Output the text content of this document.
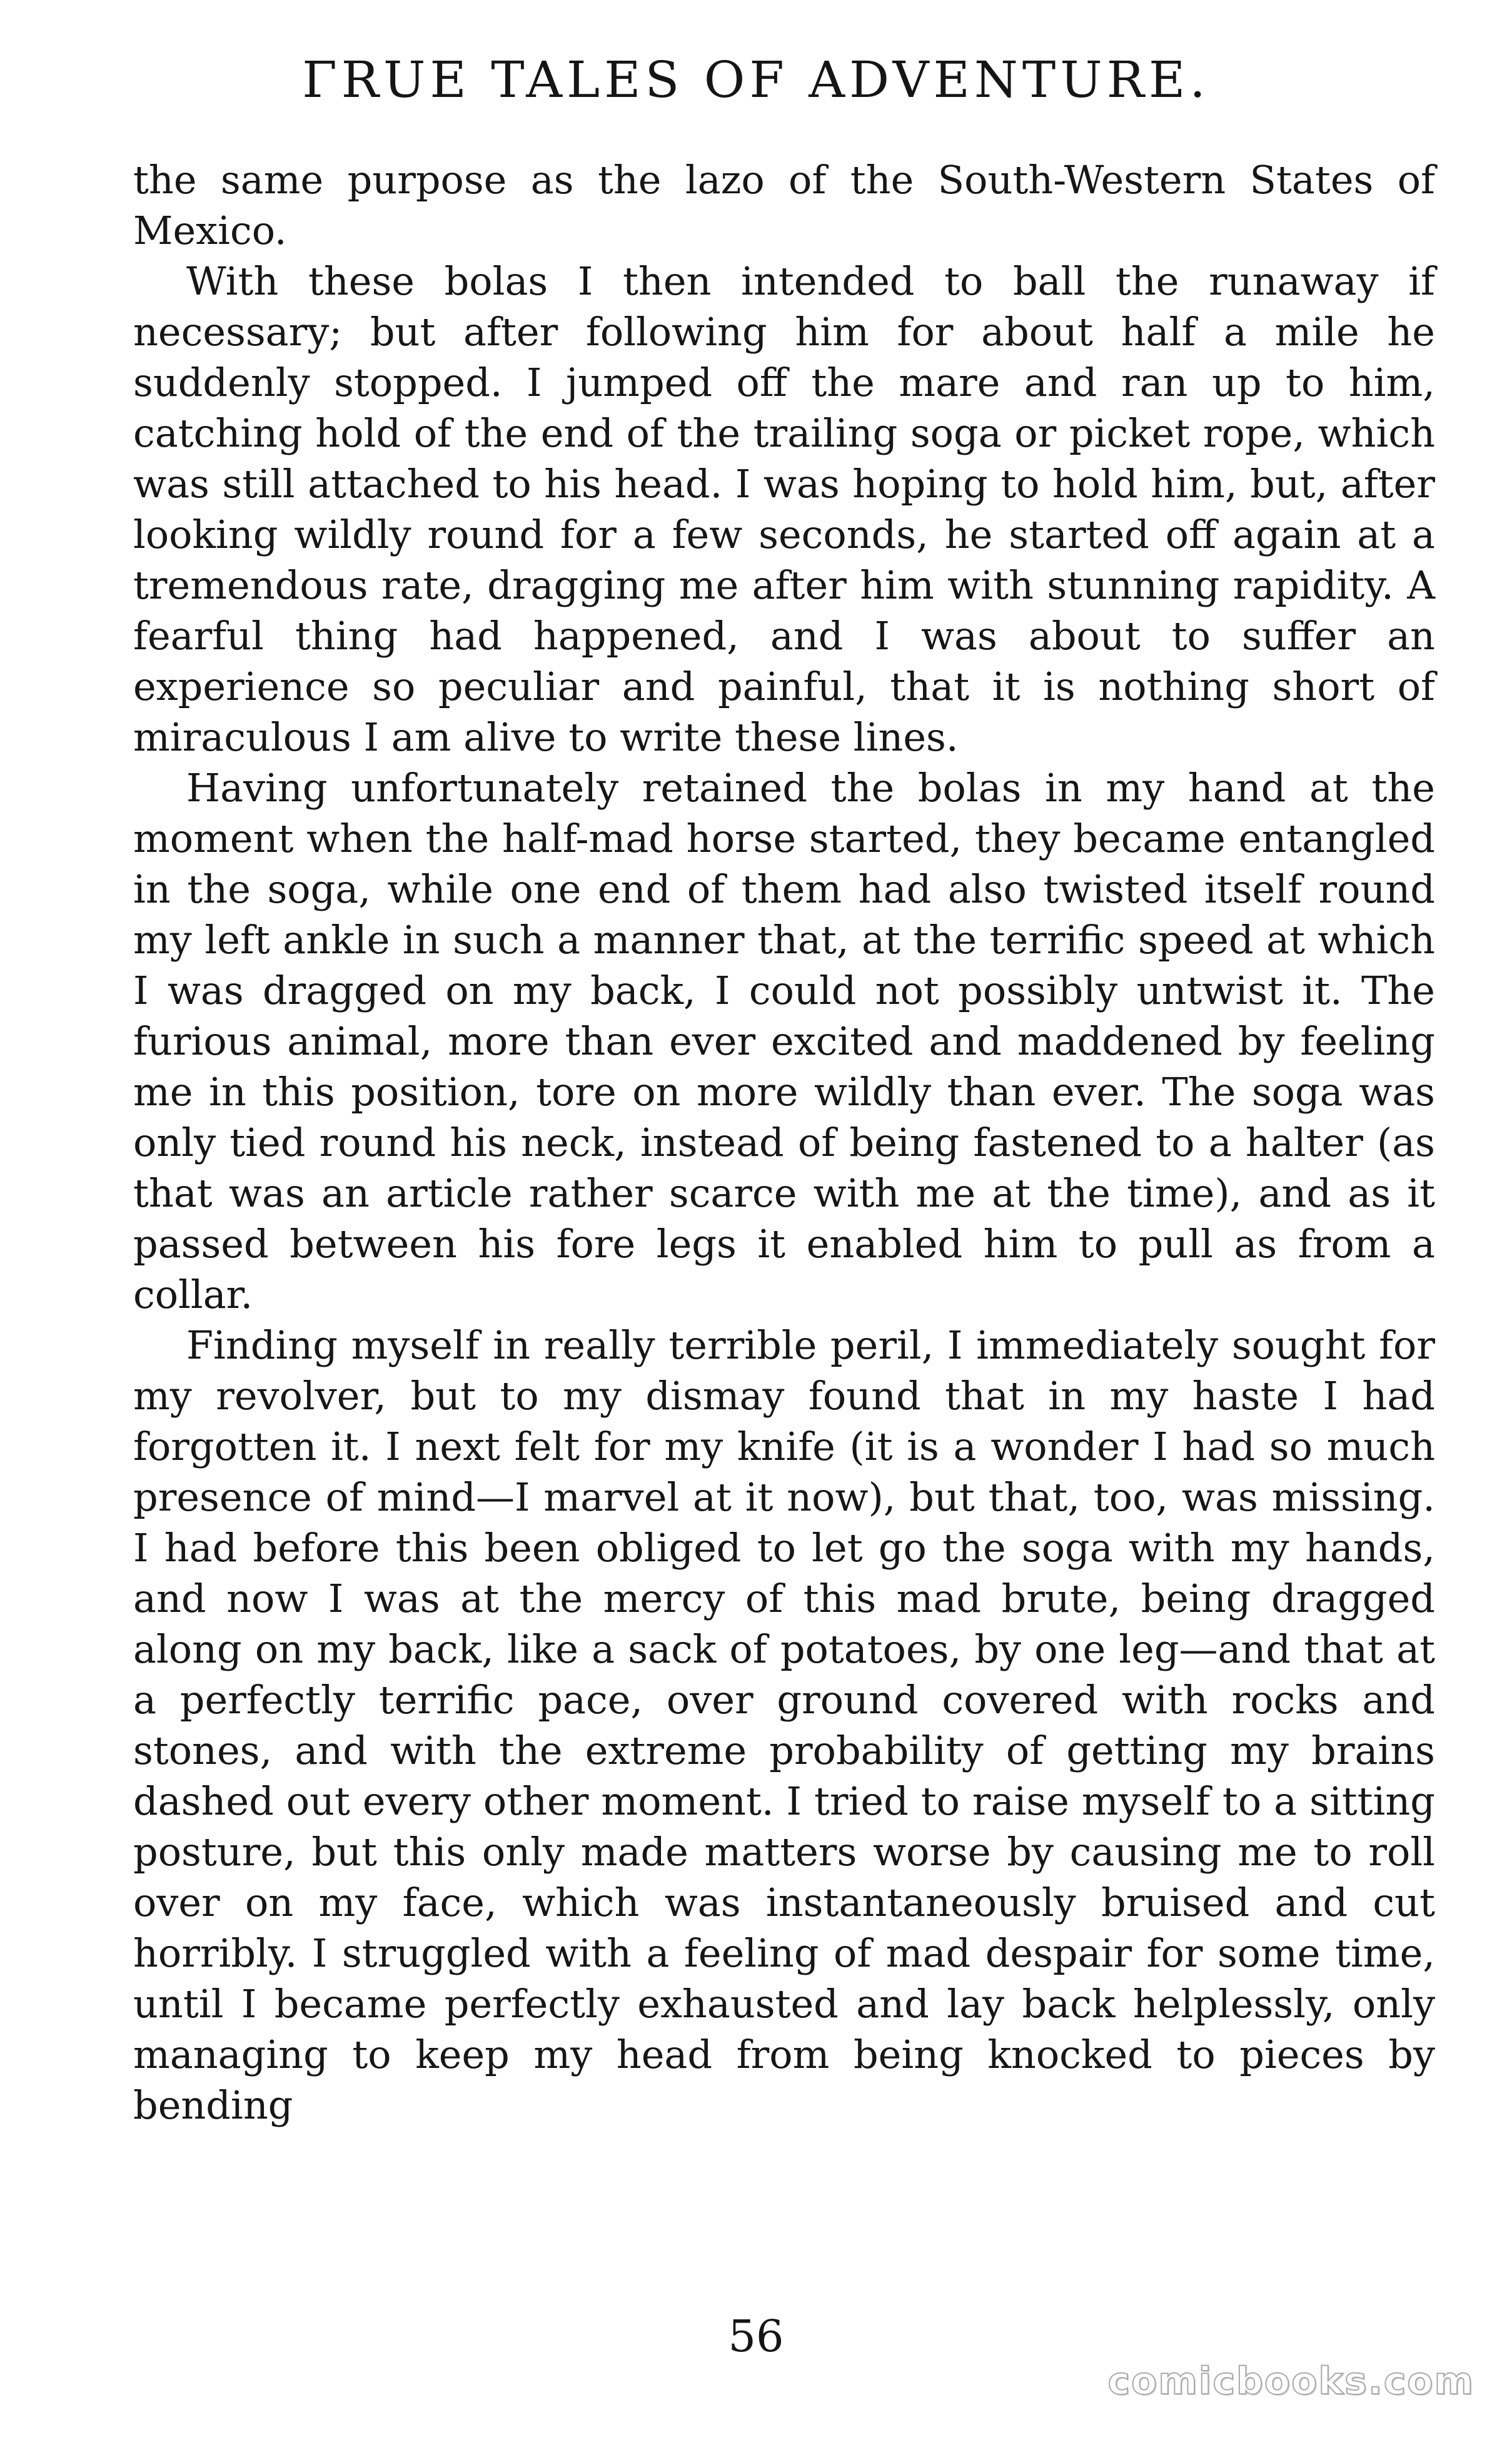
ΓRUE TALES OF ADVENTURE.

the same purpose as the lazo of the South-Western States of Mexico.

With these bolas I then intended to ball the runaway if necessary; but after following him for about half a mile he suddenly stopped. I jumped off the mare and ran up to him, catching hold of the end of the trailing soga or picket rope, which was still attached to his head. I was hoping to hold him, but, after looking wildly round for a few seconds, he started off again at a tremendous rate, dragging me after him with stunning rapidity. A fearful thing had happened, and I was about to suffer an experience so peculiar and painful, that it is nothing short of miraculous I am alive to write these lines.

Having unfortunately retained the bolas in my hand at the moment when the half-mad horse started, they became entangled in the soga, while one end of them had also twisted itself round my left ankle in such a manner that, at the terrific speed at which I was dragged on my back, I could not possibly untwist it. The furious animal, more than ever excited and maddened by feeling me in this position, tore on more wildly than ever. The soga was only tied round his neck, instead of being fastened to a halter (as that was an article rather scarce with me at the time), and as it passed between his fore legs it enabled him to pull as from a collar.

Finding myself in really terrible peril, I immediately sought for my revolver, but to my dismay found that in my haste I had forgotten it. I next felt for my knife (it is a wonder I had so much presence of mind—I marvel at it now), but that, too, was missing. I had before this been obliged to let go the soga with my hands, and now I was at the mercy of this mad brute, being dragged along on my back, like a sack of potatoes, by one leg—and that at a perfectly terrific pace, over ground covered with rocks and stones, and with the extreme probability of getting my brains dashed out every other moment. I tried to raise myself to a sitting posture, but this only made matters worse by causing me to roll over on my face, which was instantaneously bruised and cut horribly. I struggled with a feeling of mad despair for some time, until I became perfectly exhausted and lay back helplessly, only managing to keep my head from being knocked to pieces by bending

56
comicbooks.com
